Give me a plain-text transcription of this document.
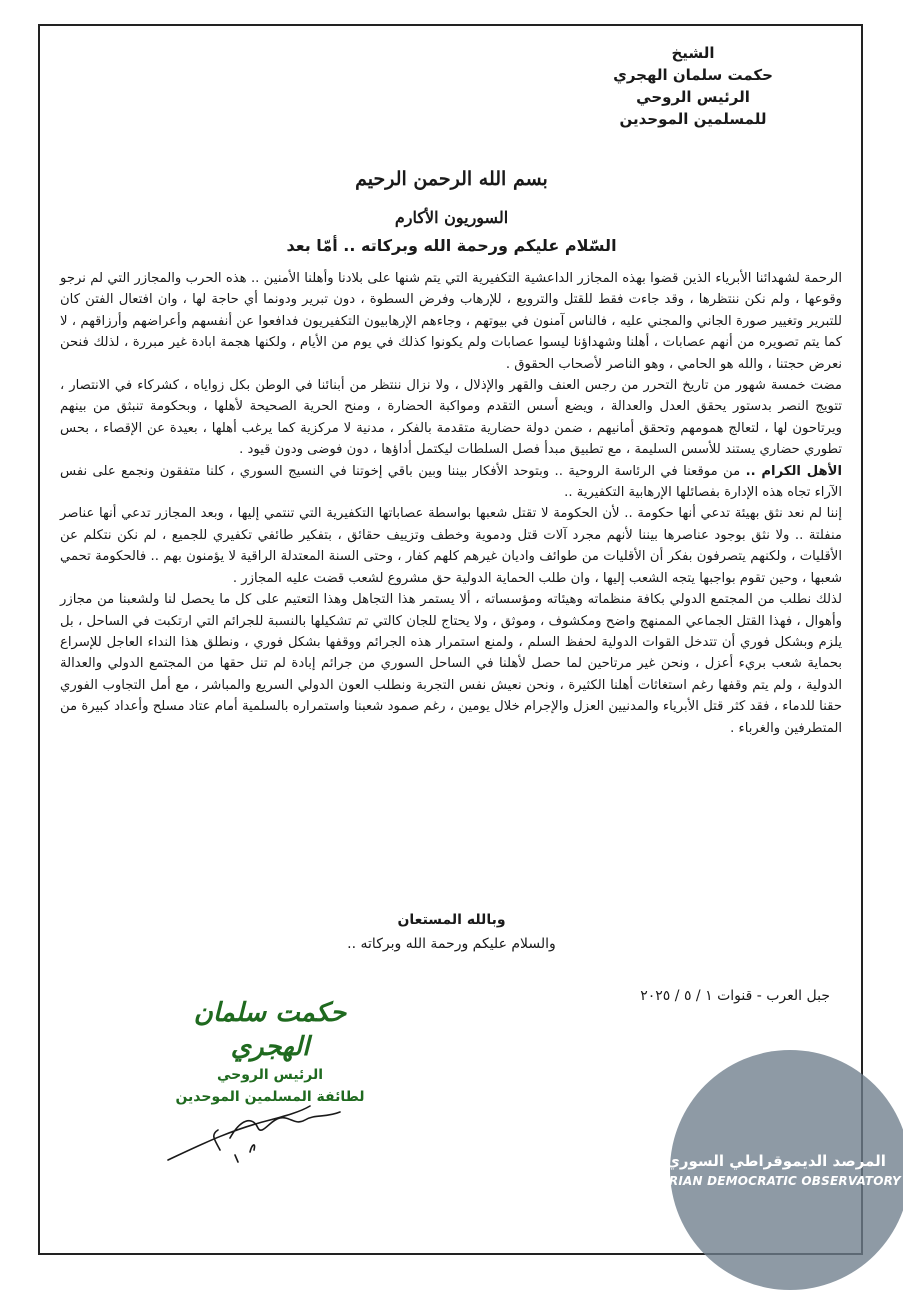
الشيخ
حكمت سلمان الهجري
الرئيس الروحي
للمسلمين الموحدين
بسم الله الرحمن الرحيم
السوريون الأكارم
السّلام عليكم ورحمة الله وبركاته .. أمّا بعد

الرحمة لشهدائنا الأبرياء الذين قضوا بهذه المجازر الداعشية التكفيرية التي يتم شنها على بلادنا وأهلنا الأمنين .. هذه الحرب والمجازر التي لم نرجو وقوعها ، ولم نكن ننتظرها ، وقد جاءت فقط للقتل والترويع ، للإرهاب وفرض السطوة ، دون تبرير ودونما أي حاجة لها ، وان افتعال الفتن كان للتبرير وتغيير صورة الجاني والمجني عليه ، فالناس آمنون في بيوتهم ، وجاءهم الإرهابيون التكفيريون فدافعوا عن أنفسهم وأعراضهم وأرزاقهم ، لا كما يتم تصويره من أنهم عصابات ، أهلنا وشهداؤنا ليسوا عصابات ولم يكونوا كذلك في يوم من الأيام ، ولكنها هجمة ابادة غير مبررة ، لذلك فنحن نعرض حجتنا ، والله هو الحامي ، وهو الناصر لأصحاب الحقوق .

مضت خمسة شهور من تاريخ التحرر من رجس العنف والقهر والإذلال ، ولا نزال ننتظر من أبنائنا في الوطن بكل زواياه ، كشركاء في الانتصار ، تتويج النصر بدستور يحقق العدل والعدالة ، ويضع أسس التقدم ومواكبة الحضارة ، ومنح الحرية الصحيحة لأهلها ، وبحكومة تنبثق من بينهم ويرتاحون لها ، لتعالج همومهم وتحقق أمانيهم ، ضمن دولة حضارية متقدمة بالفكر ، مدنية لا مركزية كما يرغب أهلها ، بعيدة عن الإقصاء ، بحس تطوري حضاري يستند للأسس السليمة ، مع تطبيق مبدأ فصل السلطات ليكتمل أداؤها ، دون فوضى ودون قيود .

الأهل الكرام .. من موقعنا في الرئاسة الروحية .. وبتوحد الأفكار بيننا وبين باقي إخوتنا في النسيج السوري ، كلنا متفقون ونجمع على نفس الآراء تجاه هذه الإدارة بفصائلها الإرهابية التكفيرية ..

إننا لم نعد نثق بهيئة تدعي أنها حكومة .. لأن الحكومة لا تقتل شعبها بواسطة عصاباتها التكفيرية التي تنتمي إليها ، وبعد المجازر تدعي أنها عناصر منفلتة .. ولا نثق بوجود عناصرها بيننا لأنهم مجرد آلات قتل ودموية وخطف وتزييف حقائق ، بتفكير طائفي تكفيري للجميع ، لم نكن نتكلم عن الأقليات ، ولكنهم يتصرفون بفكر أن الأقليات من طوائف واديان غيرهم كلهم كفار ، وحتى السنة المعتدلة الراقية لا يؤمنون بهم .. فالحكومة تحمي شعبها ، وحين تقوم بواجبها يتجه الشعب إليها ، وان طلب الحماية الدولية حق مشروع لشعب قضت عليه المجازر .

لذلك نطلب من المجتمع الدولي بكافة منظماته وهيئاته ومؤسساته ، ألا يستمر هذا التجاهل وهذا التعتيم على كل ما يحصل لنا ولشعبنا من مجازر وأهوال ، فهذا القتل الجماعي الممنهج واضح ومكشوف ، وموثق ، ولا يحتاج للجان كالتي تم تشكيلها بالنسبة للجرائم التي ارتكبت في الساحل ، بل يلزم وبشكل فوري أن تتدخل القوات الدولية لحفظ السلم ، ولمنع استمرار هذه الجرائم ووقفها بشكل فوري ، ونطلق هذا النداء العاجل للإسراع بحماية شعب بريء أعزل ، ونحن غير مرتاحين لما حصل لأهلنا في الساحل السوري من جرائم إبادة لم تنل حقها من المجتمع الدولي والعدالة الدولية ، ولم يتم وقفها رغم استغاثات أهلنا الكثيرة ، ونحن نعيش نفس التجربة ونطلب العون الدولي السريع والمباشر ، مع أمل التجاوب الفوري حقنا للدماء ، فقد كثر قتل الأبرياء والمدنيين العزل والإجرام خلال يومين ، رغم صمود شعبنا واستمراره بالسلمية أمام عتاد مسلح وأعداد كبيرة من المتطرفين والغرباء .

وبالله المستعان
والسلام عليكم ورحمة الله وبركاته ..
جبل العرب - قنوات ١ / ٥ / ٢٠٢٥
حكمت سلمان الهجري
الرئيس الروحي
لطائفة المسلمين الموحدين
المرصد الديموقراطي السوري
SYRIAN DEMOCRATIC OBSERVATORY
